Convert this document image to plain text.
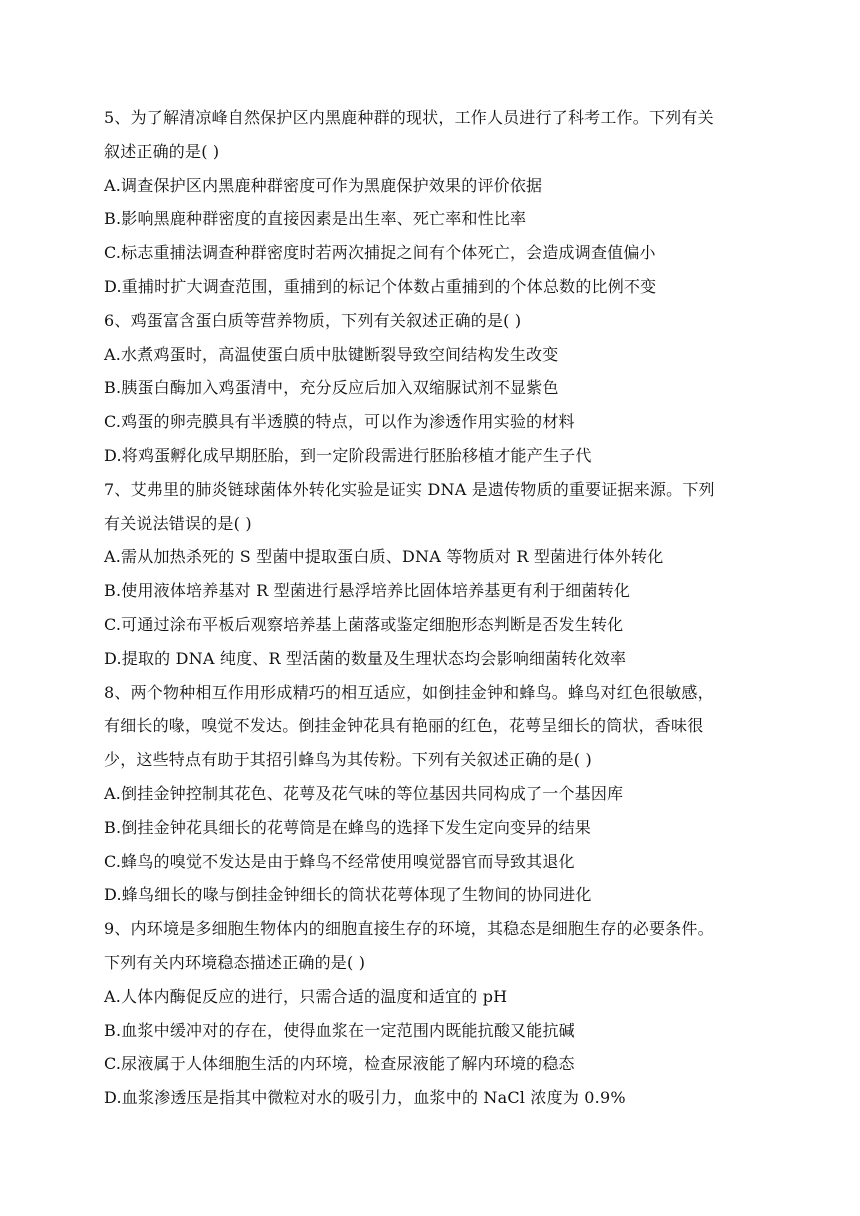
5、为了解清凉峰自然保护区内黑鹿种群的现状，工作人员进行了科考工作。下列有关
叙述正确的是( )
A.调查保护区内黑鹿种群密度可作为黑鹿保护效果的评价依据
B.影响黑鹿种群密度的直接因素是出生率、死亡率和性比率
C.标志重捕法调查种群密度时若两次捕捉之间有个体死亡，会造成调查值偏小
D.重捕时扩大调查范围，重捕到的标记个体数占重捕到的个体总数的比例不变
6、鸡蛋富含蛋白质等营养物质，下列有关叙述正确的是( )
A.水煮鸡蛋时，高温使蛋白质中肽键断裂导致空间结构发生改变
B.胰蛋白酶加入鸡蛋清中，充分反应后加入双缩脲试剂不显紫色
C.鸡蛋的卵壳膜具有半透膜的特点，可以作为渗透作用实验的材料
D.将鸡蛋孵化成早期胚胎，到一定阶段需进行胚胎移植才能产生子代
7、艾弗里的肺炎链球菌体外转化实验是证实 DNA 是遗传物质的重要证据来源。下列
有关说法错误的是( )
A.需从加热杀死的 S 型菌中提取蛋白质、DNA 等物质对 R 型菌进行体外转化
B.使用液体培养基对 R 型菌进行悬浮培养比固体培养基更有利于细菌转化
C.可通过涂布平板后观察培养基上菌落或鉴定细胞形态判断是否发生转化
D.提取的 DNA 纯度、R 型活菌的数量及生理状态均会影响细菌转化效率
8、两个物种相互作用形成精巧的相互适应，如倒挂金钟和蜂鸟。蜂鸟对红色很敏感，
有细长的喙，嗅觉不发达。倒挂金钟花具有艳丽的红色，花萼呈细长的筒状，香味很
少，这些特点有助于其招引蜂鸟为其传粉。下列有关叙述正确的是( )
A.倒挂金钟控制其花色、花萼及花气味的等位基因共同构成了一个基因库
B.倒挂金钟花具细长的花萼筒是在蜂鸟的选择下发生定向变异的结果
C.蜂鸟的嗅觉不发达是由于蜂鸟不经常使用嗅觉器官而导致其退化
D.蜂鸟细长的喙与倒挂金钟细长的筒状花萼体现了生物间的协同进化
9、内环境是多细胞生物体内的细胞直接生存的环境，其稳态是细胞生存的必要条件。
下列有关内环境稳态描述正确的是( )
A.人体内酶促反应的进行，只需合适的温度和适宜的 pH
B.血浆中缓冲对的存在，使得血浆在一定范围内既能抗酸又能抗碱
C.尿液属于人体细胞生活的内环境，检查尿液能了解内环境的稳态
D.血浆渗透压是指其中微粒对水的吸引力，血浆中的 NaCl 浓度为 0.9%
